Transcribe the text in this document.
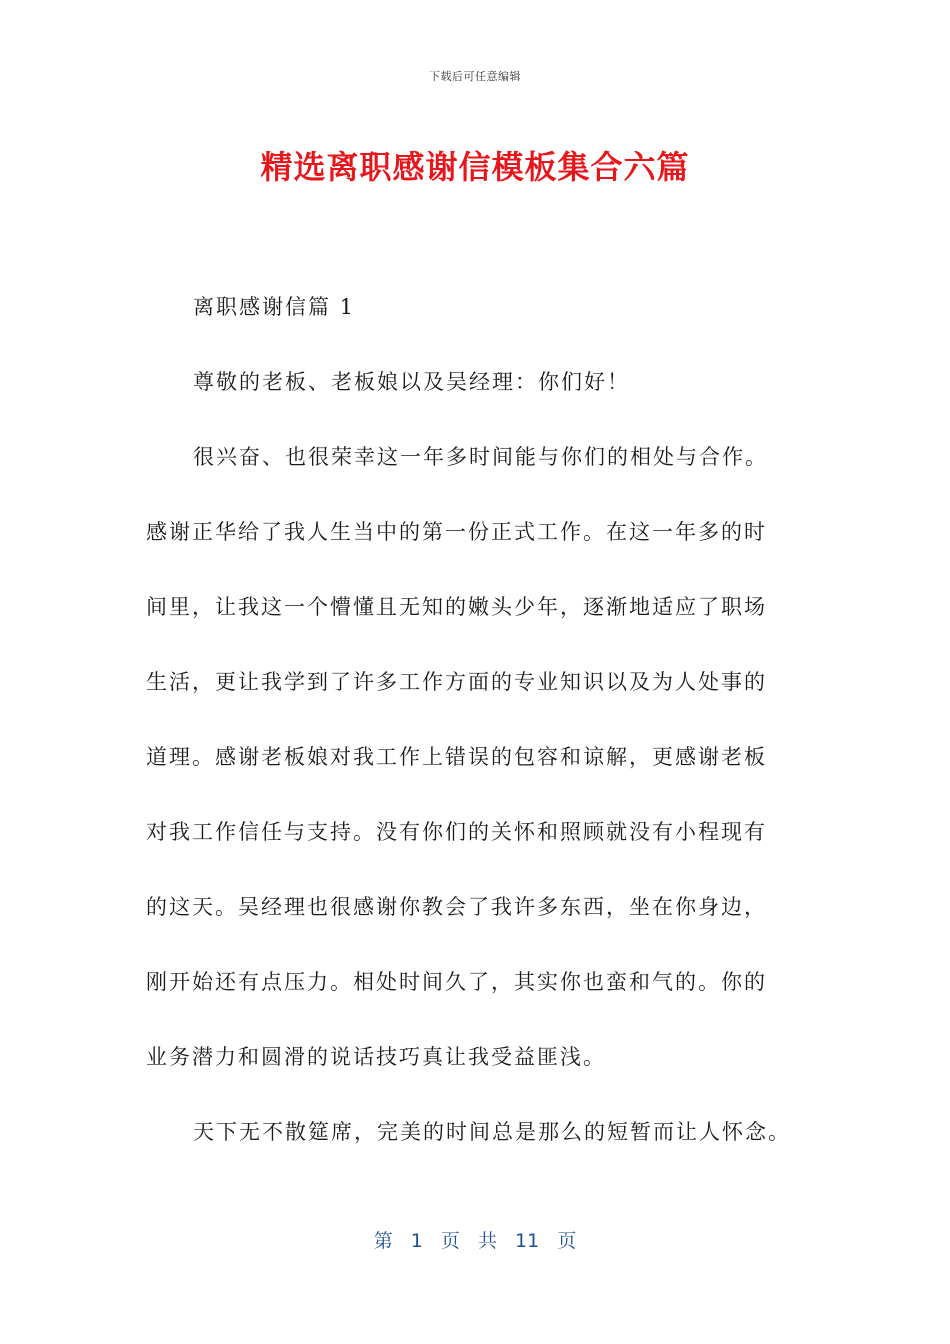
下载后可任意编辑
精选离职感谢信模板集合六篇

离职感谢信篇 1

尊敬的老板、老板娘以及吴经理：你们好！

很兴奋、也很荣幸这一年多时间能与你们的相处与合作。

感谢正华给了我人生当中的第一份正式工作。在这一年多的时

间里，让我这一个懵懂且无知的嫩头少年，逐渐地适应了职场

生活，更让我学到了许多工作方面的专业知识以及为人处事的

道理。感谢老板娘对我工作上错误的包容和谅解，更感谢老板

对我工作信任与支持。没有你们的关怀和照顾就没有小程现有

的这天。吴经理也很感谢你教会了我许多东西，坐在你身边，

刚开始还有点压力。相处时间久了，其实你也蛮和气的。你的

业务潜力和圆滑的说话技巧真让我受益匪浅。

天下无不散筵席，完美的时间总是那么的短暂而让人怀念。

第 1 页 共 11 页
